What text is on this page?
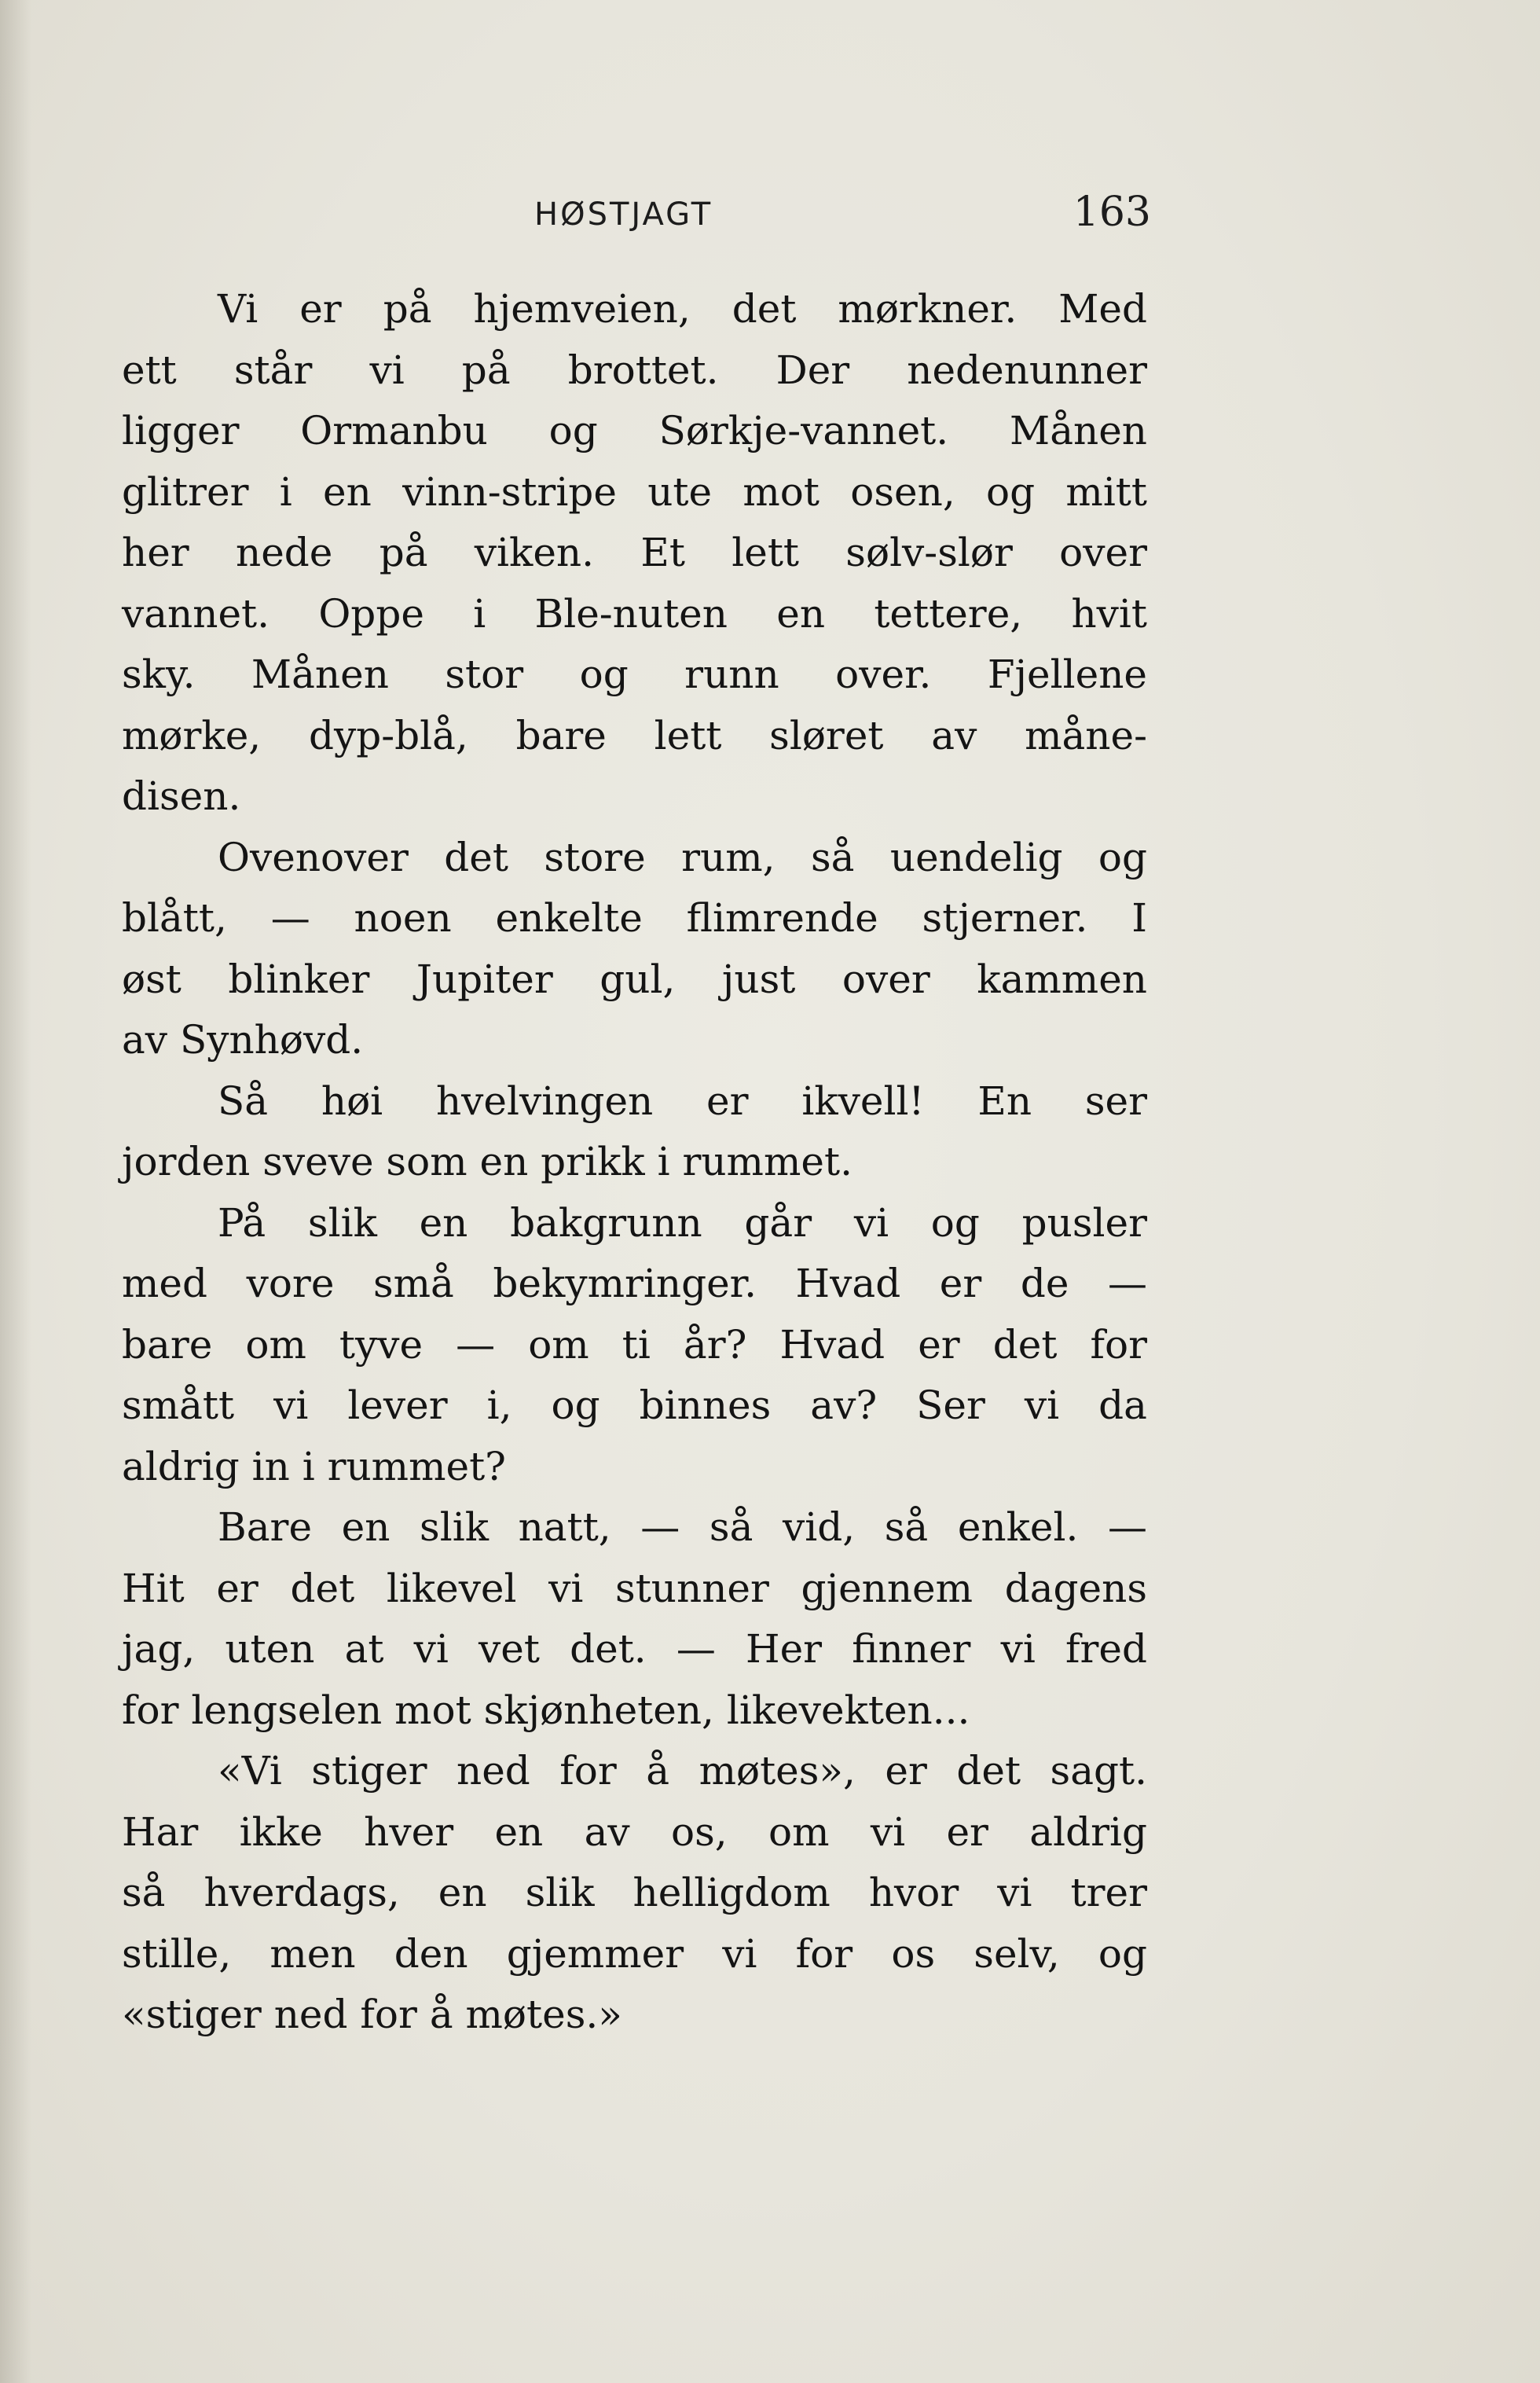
HØSTJAGT	163
Vi er på hjemveien, det mørkner. Med
ett står vi på brottet. Der nedenunner
ligger Ormanbu og Sørkje-vannet. Månen
glitrer i en vinn-stripe ute mot osen, og mitt
her nede på viken. Et lett sølv-slør over
vannet. Oppe i Ble-nuten en tettere, hvit
sky. Månen stor og runn over. Fjellene
mørke, dyp-blå, bare lett sløret av måne-
disen.
Ovenover det store rum, så uendelig og
blått, — noen enkelte flimrende stjerner. I
øst blinker Jupiter gul, just over kammen
av Synhøvd.
Så høi hvelvingen er ikvell! En ser
jorden sveve som en prikk i rummet.
På slik en bakgrunn går vi og pusler
med vore små bekymringer. Hvad er de —
bare om tyve — om ti år? Hvad er det for
smått vi lever i, og binnes av? Ser vi da
aldrig in i rummet?
Bare en slik natt, — så vid, så enkel. —
Hit er det likevel vi stunner gjennem dagens
jag, uten at vi vet det. — Her finner vi fred
for lengselen mot skjønheten, likevekten...
«Vi stiger ned for å møtes», er det sagt.
Har ikke hver en av os, om vi er aldrig
så hverdags, en slik helligdom hvor vi trer
stille, men den gjemmer vi for os selv, og
«stiger ned for å møtes.»
